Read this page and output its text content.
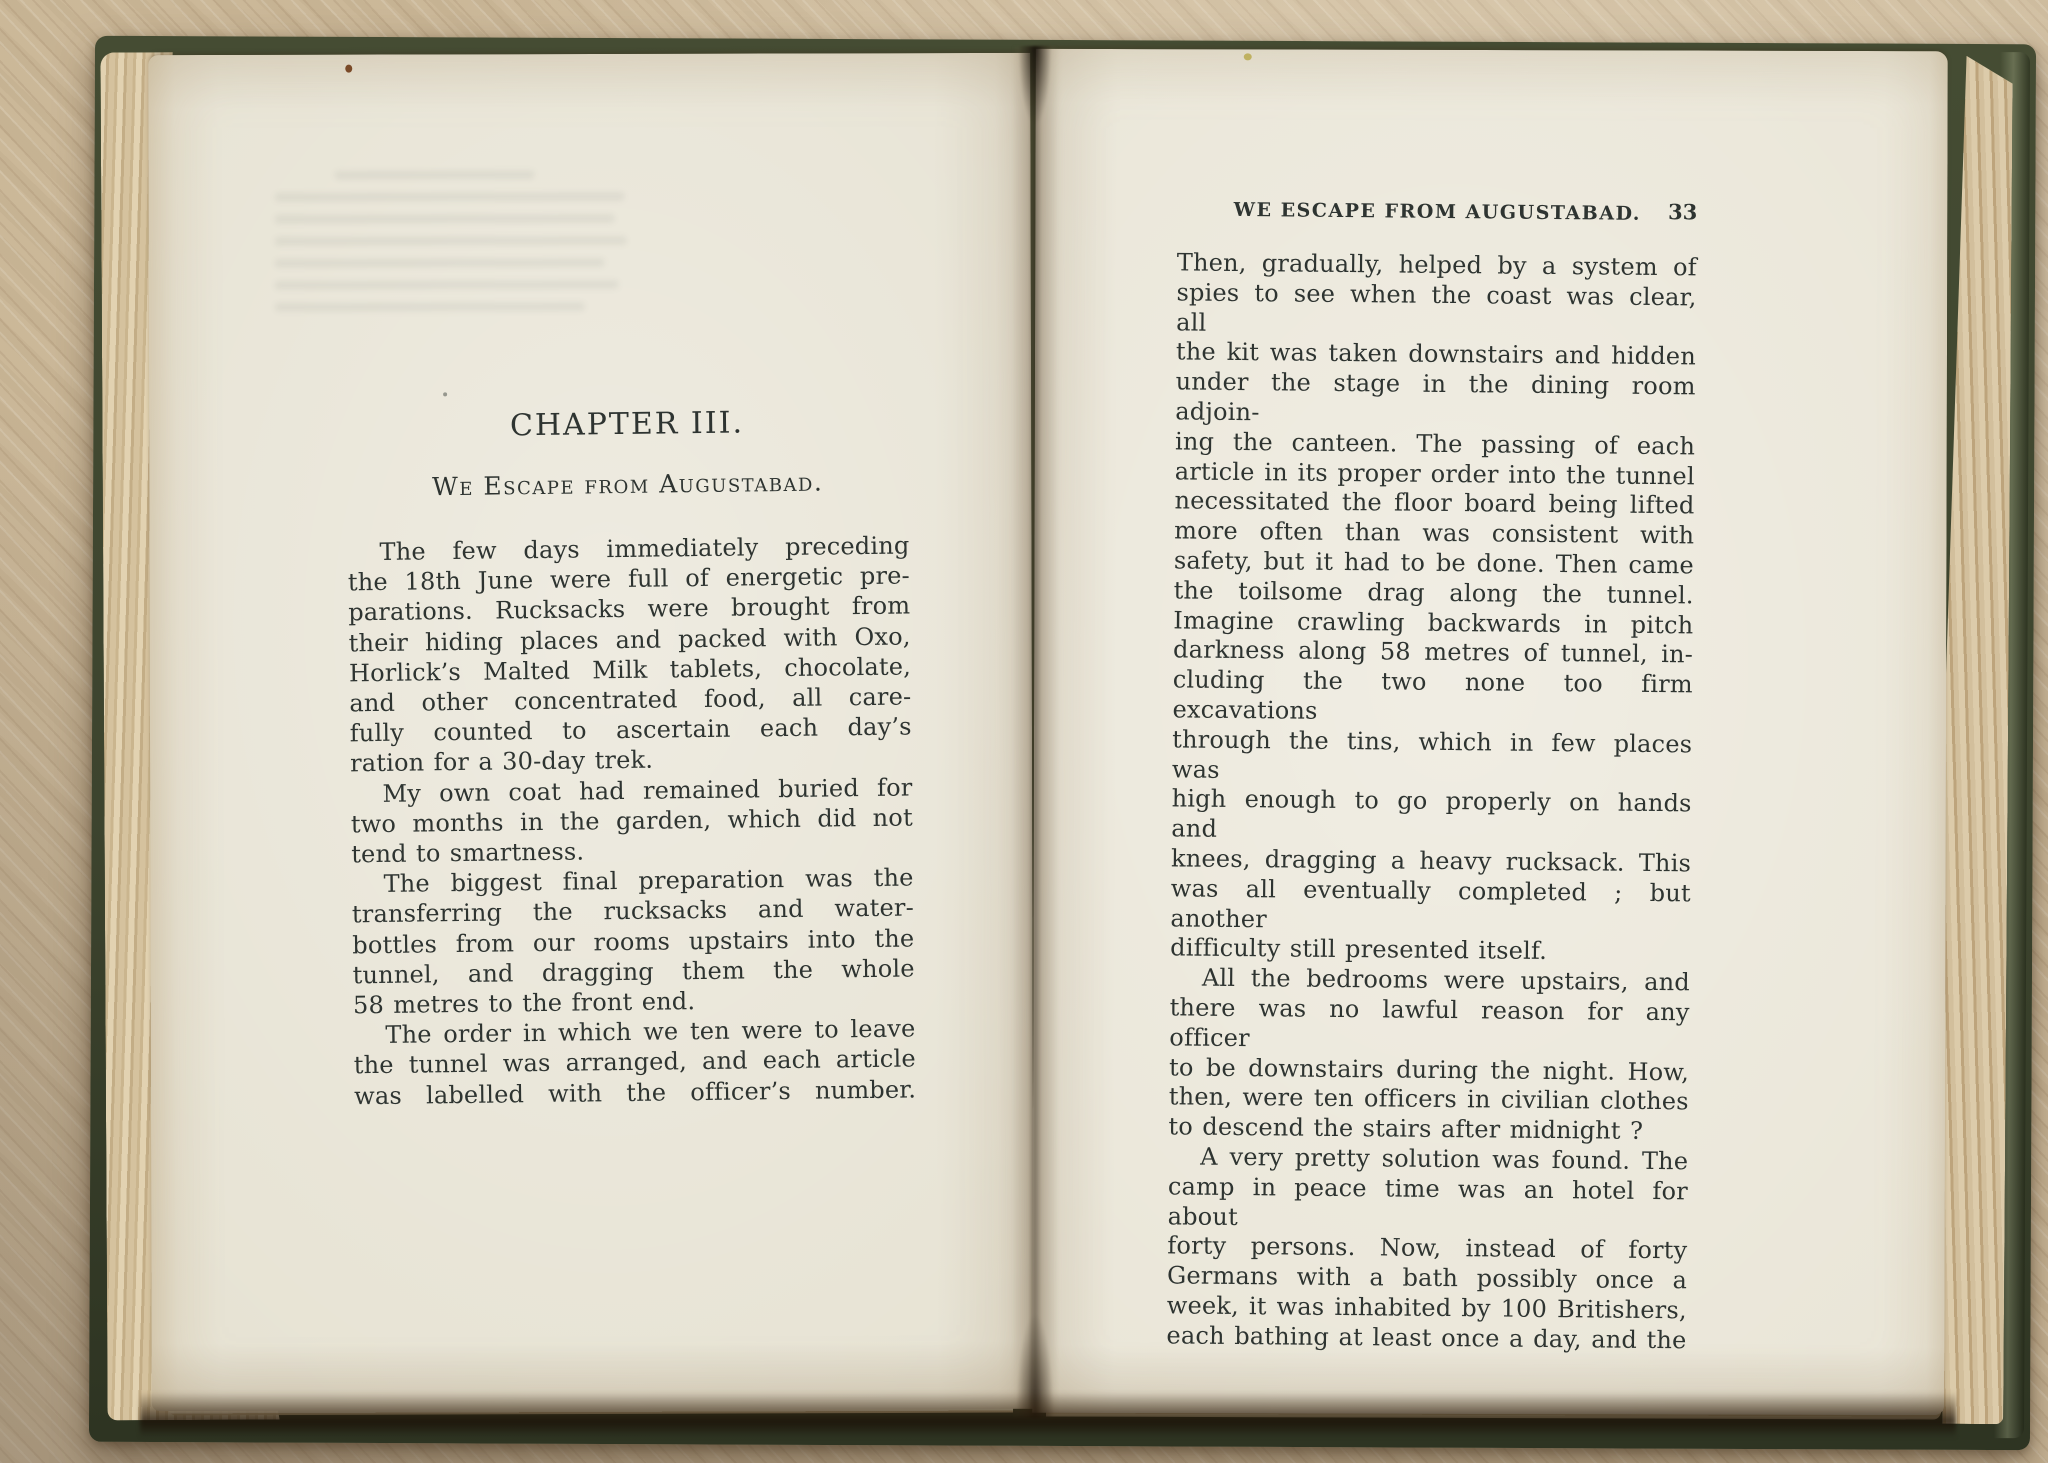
CHAPTER III.
We Escape from Augustabad.
The few days immediately preceding
the 18th June were full of energetic pre-
parations. Rucksacks were brought from
their hiding places and packed with Oxo,
Horlick’s Malted Milk tablets, chocolate,
and other concentrated food, all care-
fully counted to ascertain each day’s
ration for a 30-day trek.
My own coat had remained buried for
two months in the garden, which did not
tend to smartness.
The biggest final preparation was the
transferring the rucksacks and water-
bottles from our rooms upstairs into the
tunnel, and dragging them the whole
58 metres to the front end.
The order in which we ten were to leave
the tunnel was arranged, and each article
was labelled with the officer’s number.
WE ESCAPE FROM AUGUSTABAD. 33
Then, gradually, helped by a system of
spies to see when the coast was clear, all
the kit was taken downstairs and hidden
under the stage in the dining room adjoin-
ing the canteen. The passing of each
article in its proper order into the tunnel
necessitated the floor board being lifted
more often than was consistent with
safety, but it had to be done. Then came
the toilsome drag along the tunnel.
Imagine crawling backwards in pitch
darkness along 58 metres of tunnel, in-
cluding the two none too firm excavations
through the tins, which in few places was
high enough to go properly on hands and
knees, dragging a heavy rucksack. This
was all eventually completed ; but another
difficulty still presented itself.
All the bedrooms were upstairs, and
there was no lawful reason for any officer
to be downstairs during the night. How,
then, were ten officers in civilian clothes
to descend the stairs after midnight ?
A very pretty solution was found. The
camp in peace time was an hotel for about
forty persons. Now, instead of forty
Germans with a bath possibly once a
week, it was inhabited by 100 Britishers,
each bathing at least once a day, and the
